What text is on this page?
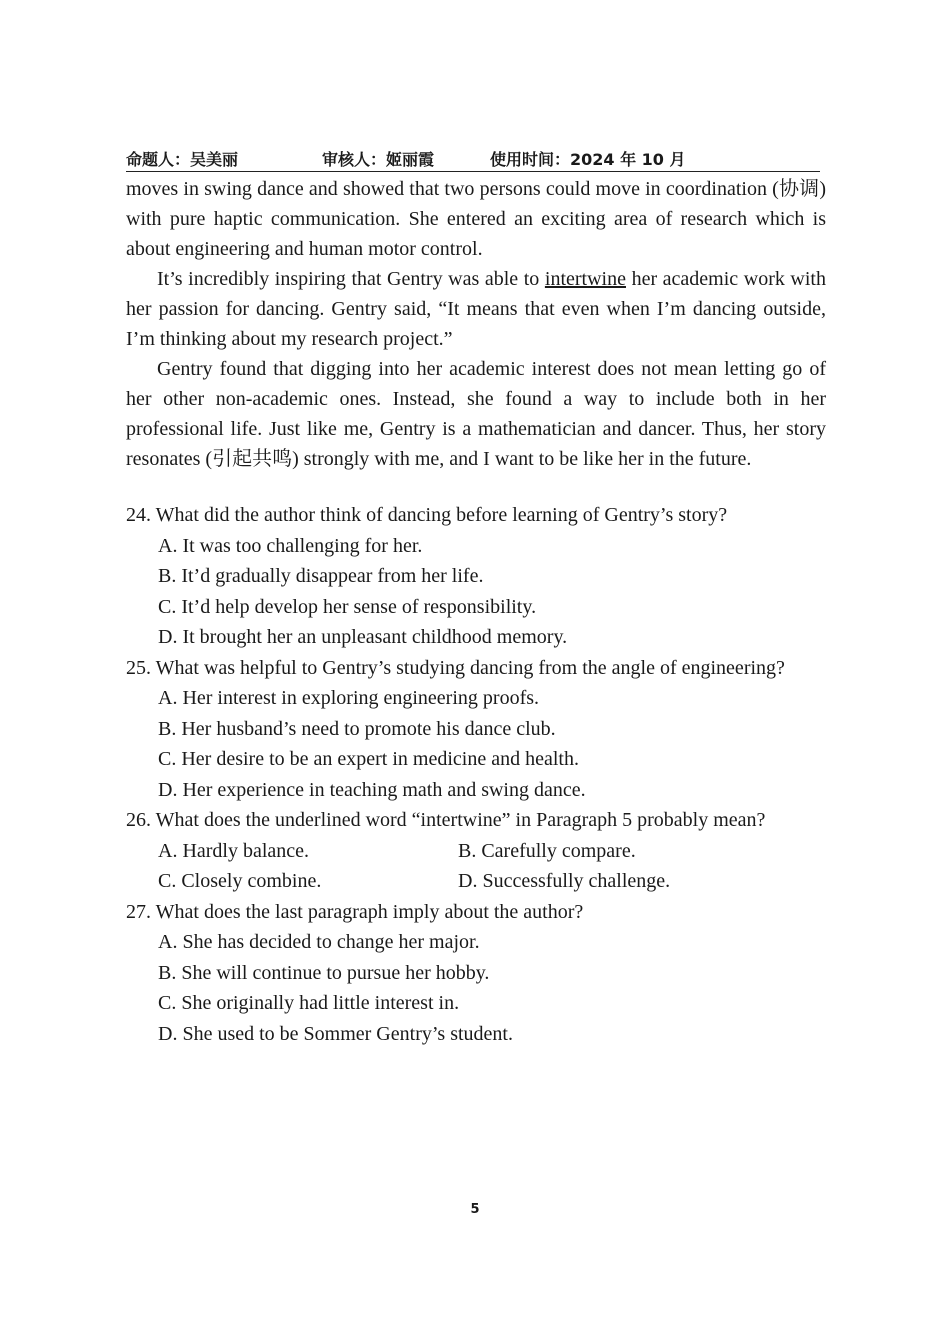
命题人：吴美丽	审核人：姬丽霞	使用时间：2024 年 10 月

moves in swing dance and showed that two persons could move in coordination (协调) with pure haptic communication. She entered an exciting area of research which is about engineering and human motor control.

It’s incredibly inspiring that Gentry was able to intertwine her academic work with her passion for dancing. Gentry said, “It means that even when I’m dancing outside, I’m thinking about my research project.”

Gentry found that digging into her academic interest does not mean letting go of her other non-academic ones. Instead, she found a way to include both in her professional life. Just like me, Gentry is a mathematician and dancer. Thus, her story resonates (引起共鸣) strongly with me, and I want to be like her in the future.

24. What did the author think of dancing before learning of Gentry’s story?

A. It was too challenging for her.

B. It’d gradually disappear from her life.

C. It’d help develop her sense of responsibility.

D. It brought her an unpleasant childhood memory.

25. What was helpful to Gentry’s studying dancing from the angle of engineering?

A. Her interest in exploring engineering proofs.

B. Her husband’s need to promote his dance club.

C. Her desire to be an expert in medicine and health.

D. Her experience in teaching math and swing dance.

26. What does the underlined word “intertwine” in Paragraph 5 probably mean?

A. Hardly balance.	B. Carefully compare.
C. Closely combine.	D. Successfully challenge.

27. What does the last paragraph imply about the author?

A. She has decided to change her major.

B. She will continue to pursue her hobby.

C. She originally had little interest in.

D. She used to be Sommer Gentry’s student.

5
